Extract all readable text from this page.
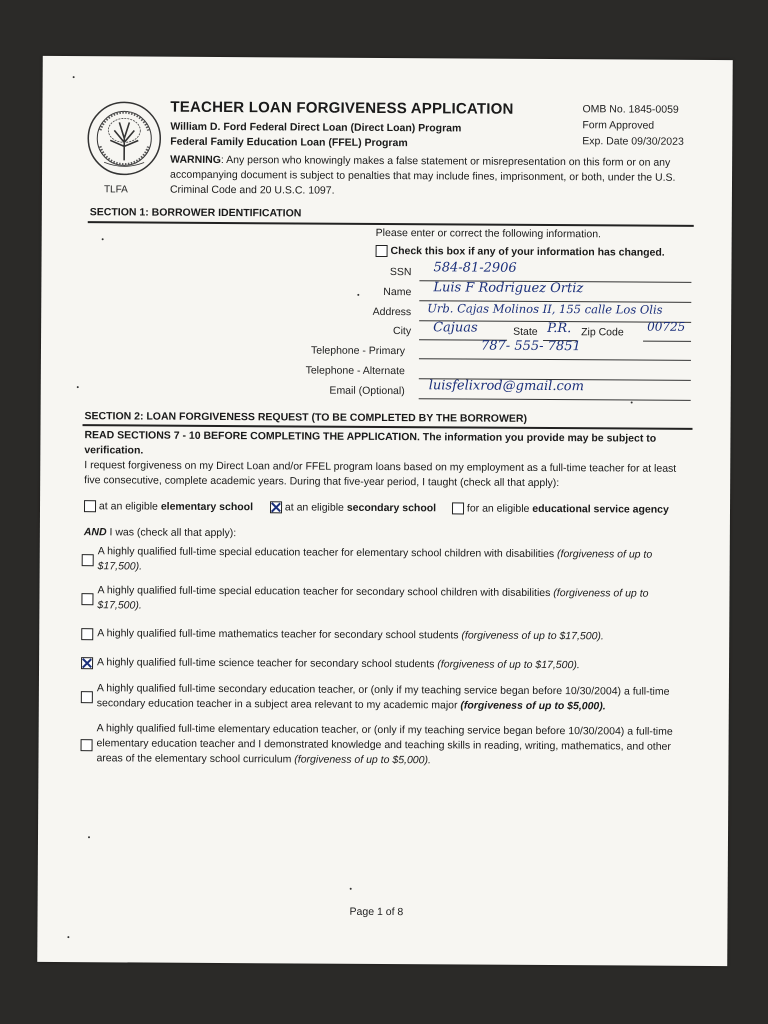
TLFA
TEACHER LOAN FORGIVENESS APPLICATION
William D. Ford Federal Direct Loan (Direct Loan) Program
Federal Family Education Loan (FFEL) Program
OMB No. 1845-0059
Form Approved
Exp. Date 09/30/2023
WARNING: Any person who knowingly makes a false statement or misrepresentation on this form or on any accompanying document is subject to penalties that may include fines, imprisonment, or both, under the U.S. Criminal Code and 20 U.S.C. 1097.
SECTION 1: BORROWER IDENTIFICATION
Please enter or correct the following information.
Check this box if any of your information has changed.
SSN 584-81-2906
Name Luis F Rodriguez Ortiz
Address Urb. Cajas Molinos II, 155 calle Los Olis
City Cajuas	State P.R. Zip Code 00725
Telephone - Primary	787- 555- 7851
Telephone - Alternate
Email (Optional) luisfelixrod@gmail.com
SECTION 2: LOAN FORGIVENESS REQUEST (TO BE COMPLETED BY THE BORROWER)
READ SECTIONS 7 - 10 BEFORE COMPLETING THE APPLICATION. The information you provide may be subject to verification.
I request forgiveness on my Direct Loan and/or FFEL program loans based on my employment as a full-time teacher for at least five consecutive, complete academic years. During that five-year period, I taught (check all that apply):
at an eligible elementary school	at an eligible secondary school	for an eligible educational service agency
AND I was (check all that apply):
A highly qualified full-time special education teacher for elementary school children with disabilities (forgiveness of up to $17,500).
A highly qualified full-time special education teacher for secondary school children with disabilities (forgiveness of up to $17,500).
A highly qualified full-time mathematics teacher for secondary school students (forgiveness of up to $17,500).
A highly qualified full-time science teacher for secondary school students (forgiveness of up to $17,500).
A highly qualified full-time secondary education teacher, or (only if my teaching service began before 10/30/2004) a full-time secondary education teacher in a subject area relevant to my academic major (forgiveness of up to $5,000).
A highly qualified full-time elementary education teacher, or (only if my teaching service began before 10/30/2004) a full-time elementary education teacher and I demonstrated knowledge and teaching skills in reading, writing, mathematics, and other areas of the elementary school curriculum (forgiveness of up to $5,000).
Page 1 of 8
